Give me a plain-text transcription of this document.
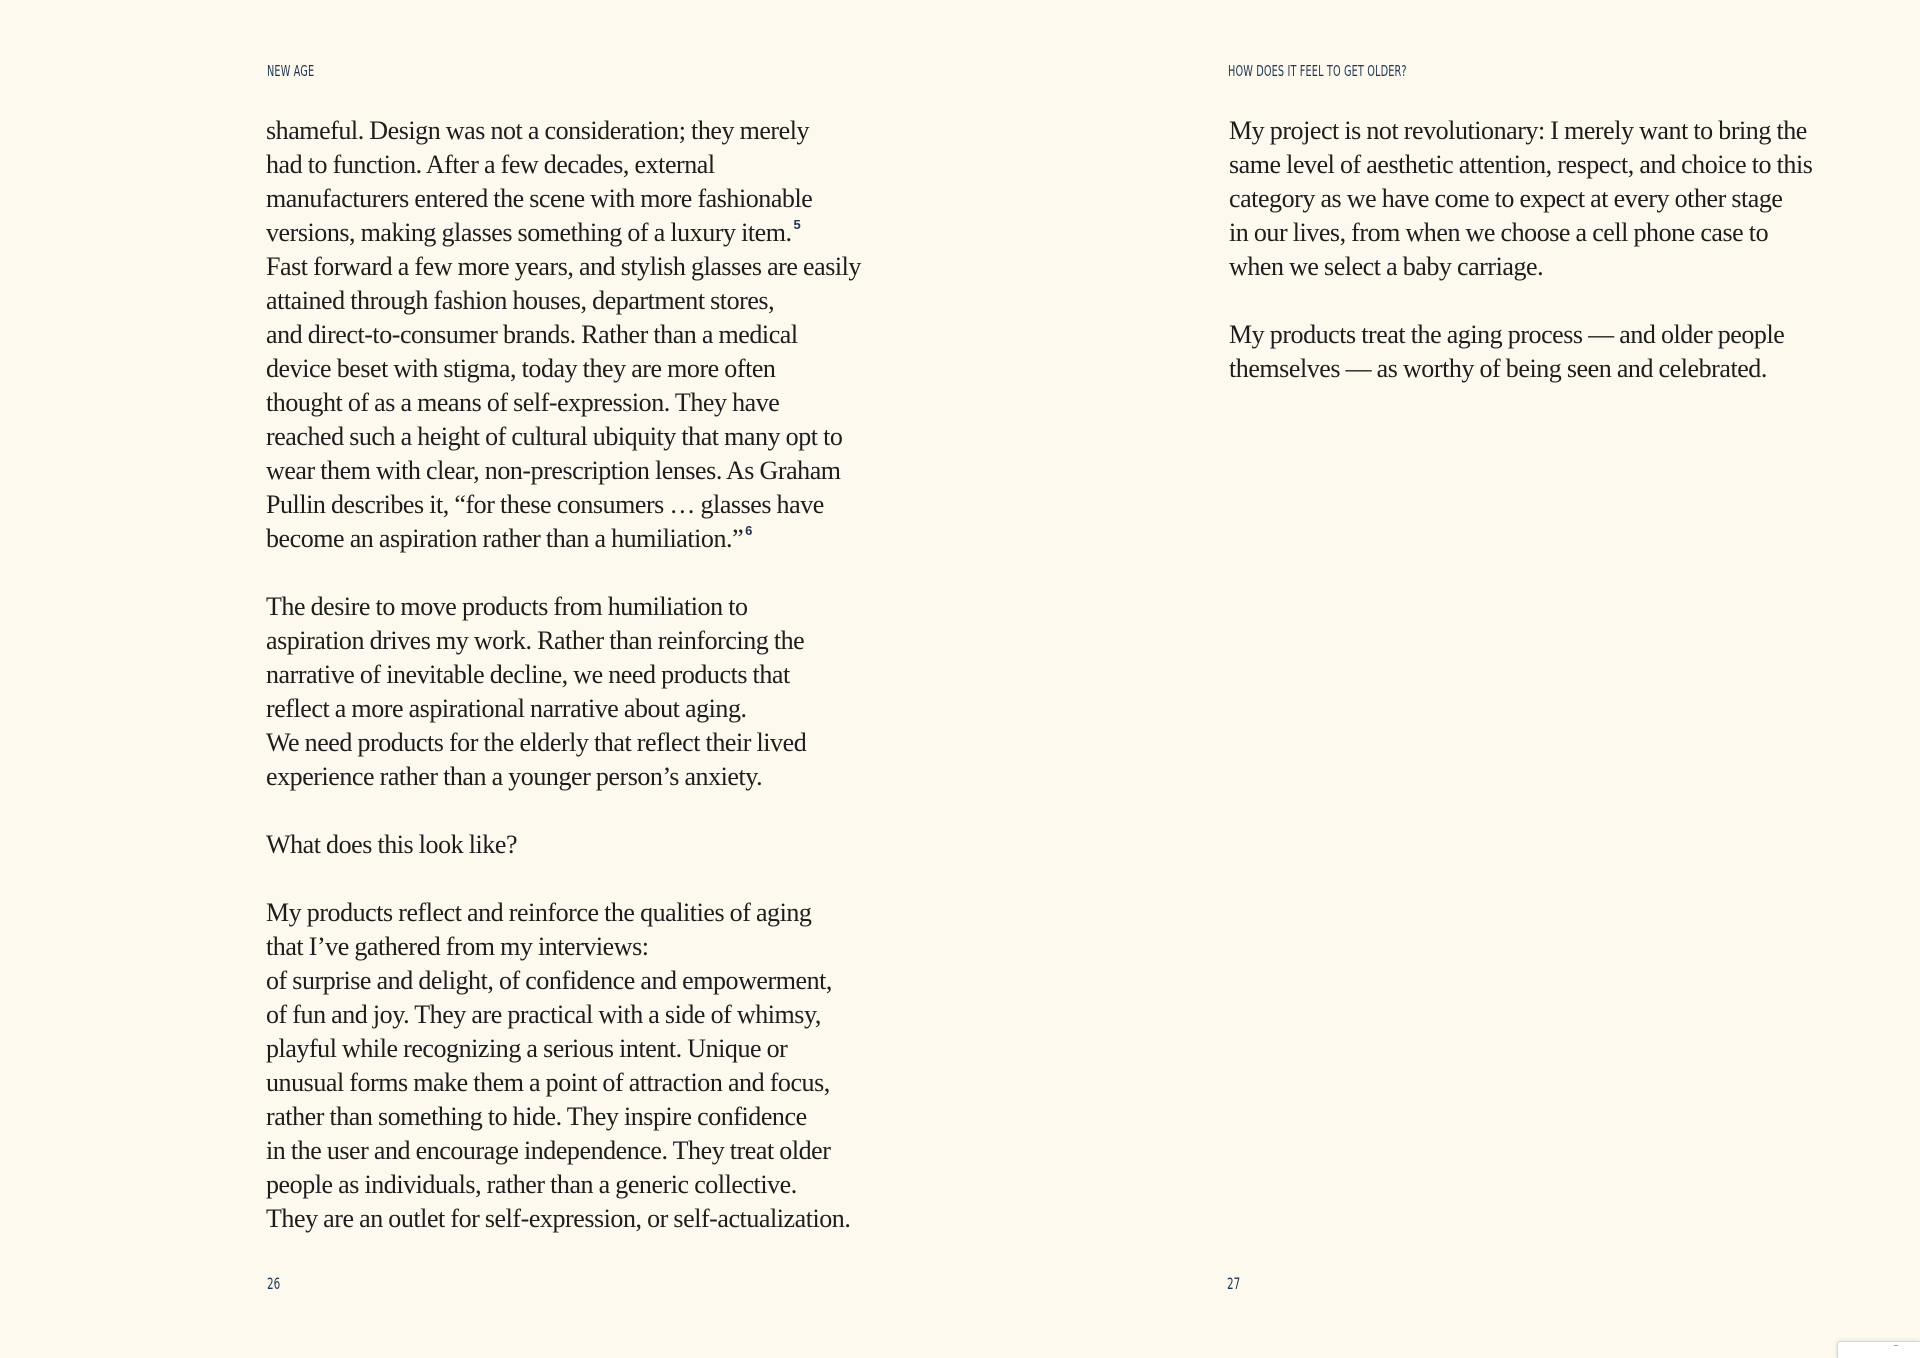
NEW AGE

shameful. Design was not a consideration; they merely
had to function. After a few decades, external
manufacturers entered the scene with more fashionable
versions, making glasses something of a luxury item. $^5$
Fast forward a few more years, and stylish glasses are easily
attained through fashion houses, department stores,
and direct-to-consumer brands. Rather than a medical
device beset with stigma, today they are more often
thought of as a means of self-expression. They have
reached such a height of cultural ubiquity that many opt to
wear them with clear, non-prescription lenses. As Graham
Pullin describes it, “for these consumers … glasses have
become an aspiration rather than a humiliation.” $^6$

The desire to move products from humiliation to
aspiration drives my work. Rather than reinforcing the
narrative of inevitable decline, we need products that
reflect a more aspirational narrative about aging.
We need products for the elderly that reflect their lived
experience rather than a younger person’s anxiety.

What does this look like?

My products reflect and reinforce the qualities of aging
that I’ve gathered from my interviews:
of surprise and delight, of confidence and empowerment,
of fun and joy. They are practical with a side of whimsy,
playful while recognizing a serious intent. Unique or
unusual forms make them a point of attraction and focus,
rather than something to hide. They inspire confidence
in the user and encourage independence. They treat older
people as individuals, rather than a generic collective.
They are an outlet for self-expression, or self-actualization.

26
HOW DOES IT FEEL TO GET OLDER?

My project is not revolutionary: I merely want to bring the
same level of aesthetic attention, respect, and choice to this
category as we have come to expect at every other stage
in our lives, from when we choose a cell phone case to
when we select a baby carriage.

My products treat the aging process — and older people
themselves — as worthy of being seen and celebrated.

27
